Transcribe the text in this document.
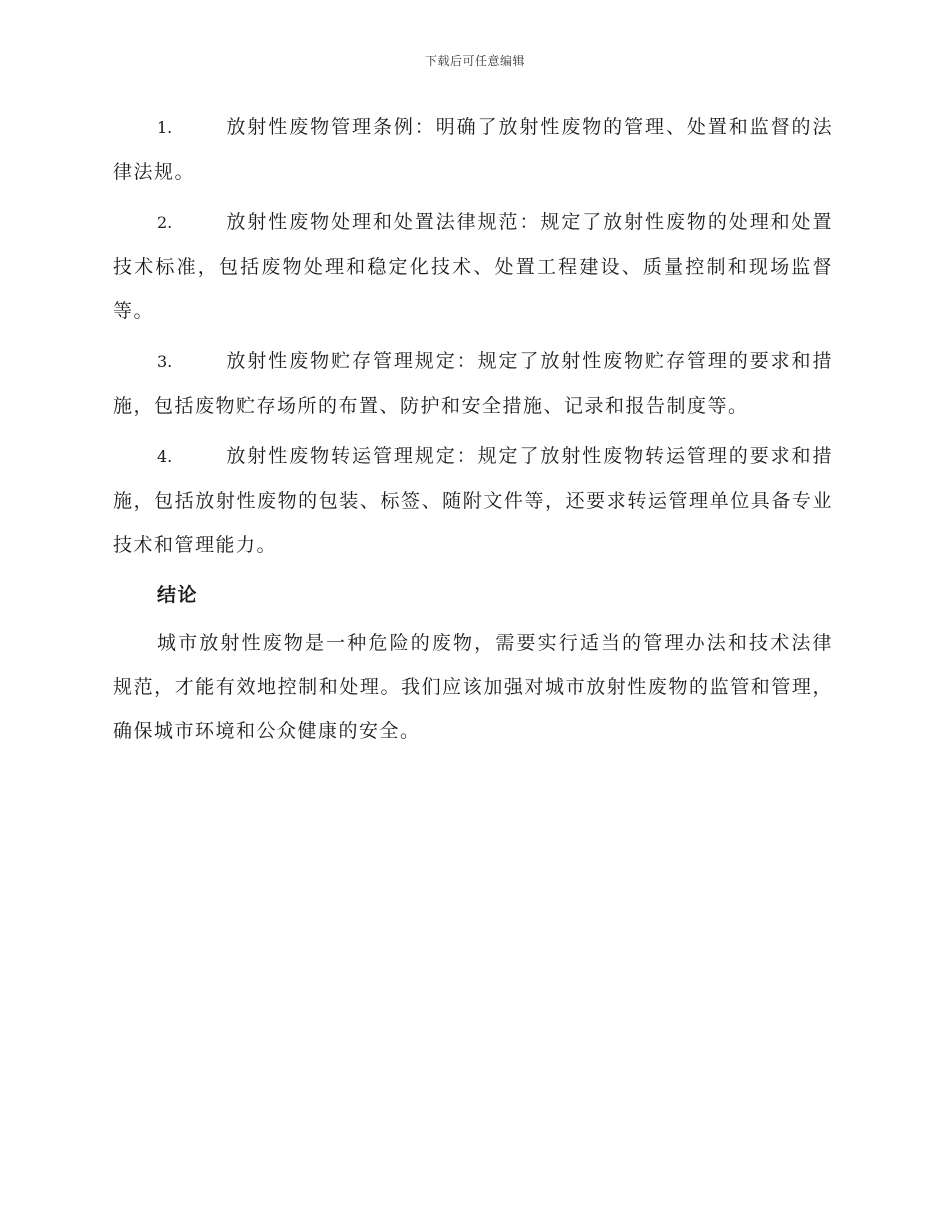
下载后可任意编辑

1.	放射性废物管理条例：明确了放射性废物的管理、处置和监督的法律法规。

2.	放射性废物处理和处置法律规范：规定了放射性废物的处理和处置技术标准，包括废物处理和稳定化技术、处置工程建设、质量控制和现场监督等。

3.	放射性废物贮存管理规定：规定了放射性废物贮存管理的要求和措施，包括废物贮存场所的布置、防护和安全措施、记录和报告制度等。

4.	放射性废物转运管理规定：规定了放射性废物转运管理的要求和措施，包括放射性废物的包装、标签、随附文件等，还要求转运管理单位具备专业技术和管理能力。

结论

城市放射性废物是一种危险的废物，需要实行适当的管理办法和技术法律规范，才能有效地控制和处理。我们应该加强对城市放射性废物的监管和管理，确保城市环境和公众健康的安全。
